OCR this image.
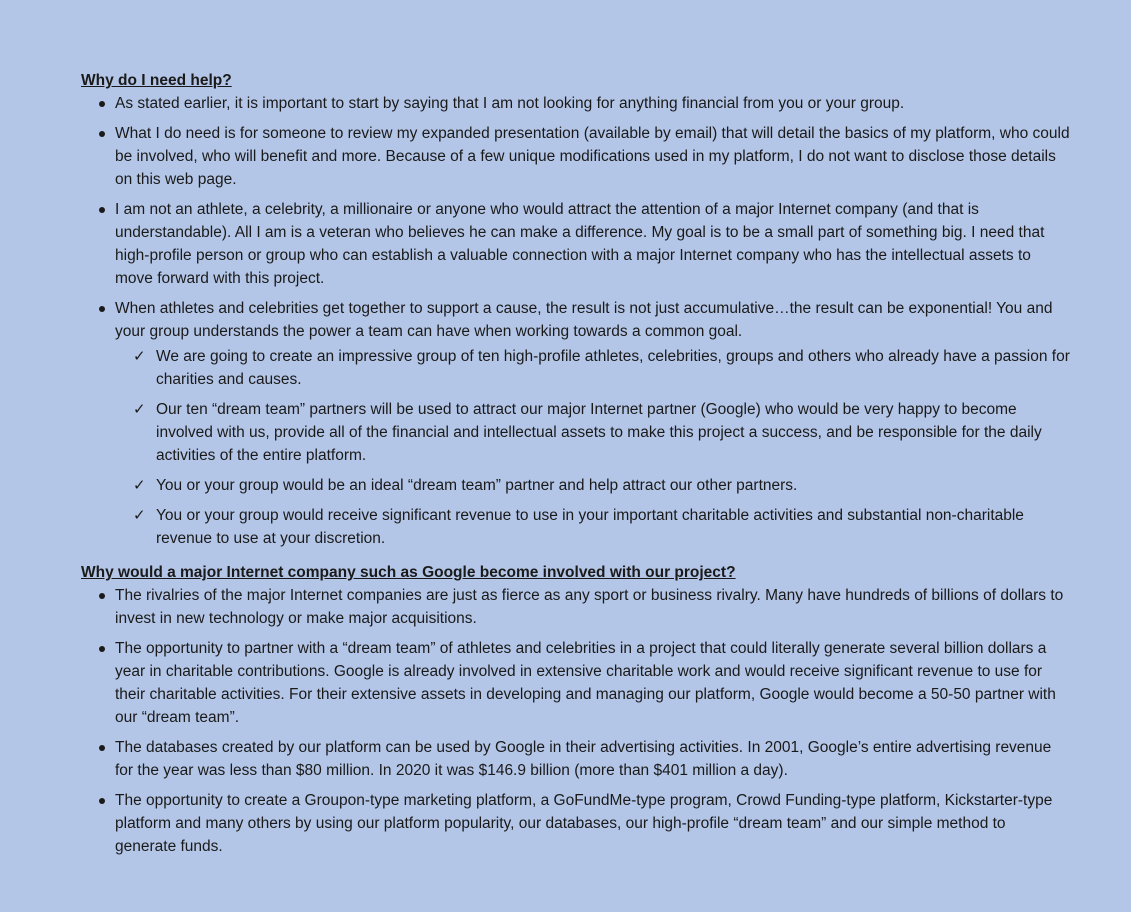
Why do I need help?
As stated earlier, it is important to start by saying that I am not looking for anything financial from you or your group.
What I do need is for someone to review my expanded presentation (available by email) that will detail the basics of my platform, who could be involved, who will benefit and more. Because of a few unique modifications used in my platform, I do not want to disclose those details on this web page.
I am not an athlete, a celebrity, a millionaire or anyone who would attract the attention of a major Internet company (and that is understandable). All I am is a veteran who believes he can make a difference. My goal is to be a small part of something big. I need that high-profile person or group who can establish a valuable connection with a major Internet company who has the intellectual assets to move forward with this project.
When athletes and celebrities get together to support a cause, the result is not just accumulative…the result can be exponential! You and your group understands the power a team can have when working towards a common goal.
✓ We are going to create an impressive group of ten high-profile athletes, celebrities, groups and others who already have a passion for charities and causes.
✓ Our ten “dream team” partners will be used to attract our major Internet partner (Google) who would be very happy to become involved with us, provide all of the financial and intellectual assets to make this project a success, and be responsible for the daily activities of the entire platform.
✓ You or your group would be an ideal “dream team” partner and help attract our other partners.
✓ You or your group would receive significant revenue to use in your important charitable activities and substantial non-charitable revenue to use at your discretion.
Why would a major Internet company such as Google become involved with our project?
The rivalries of the major Internet companies are just as fierce as any sport or business rivalry. Many have hundreds of billions of dollars to invest in new technology or make major acquisitions.
The opportunity to partner with a “dream team” of athletes and celebrities in a project that could literally generate several billion dollars a year in charitable contributions. Google is already involved in extensive charitable work and would receive significant revenue to use for their charitable activities. For their extensive assets in developing and managing our platform, Google would become a 50-50 partner with our “dream team”.
The databases created by our platform can be used by Google in their advertising activities. In 2001, Google’s entire advertising revenue for the year was less than $80 million. In 2020 it was $146.9 billion (more than $401 million a day).
The opportunity to create a Groupon-type marketing platform, a GoFundMe-type program, Crowd Funding-type platform, Kickstarter-type platform and many others by using our platform popularity, our databases, our high-profile “dream team” and our simple method to generate funds.
